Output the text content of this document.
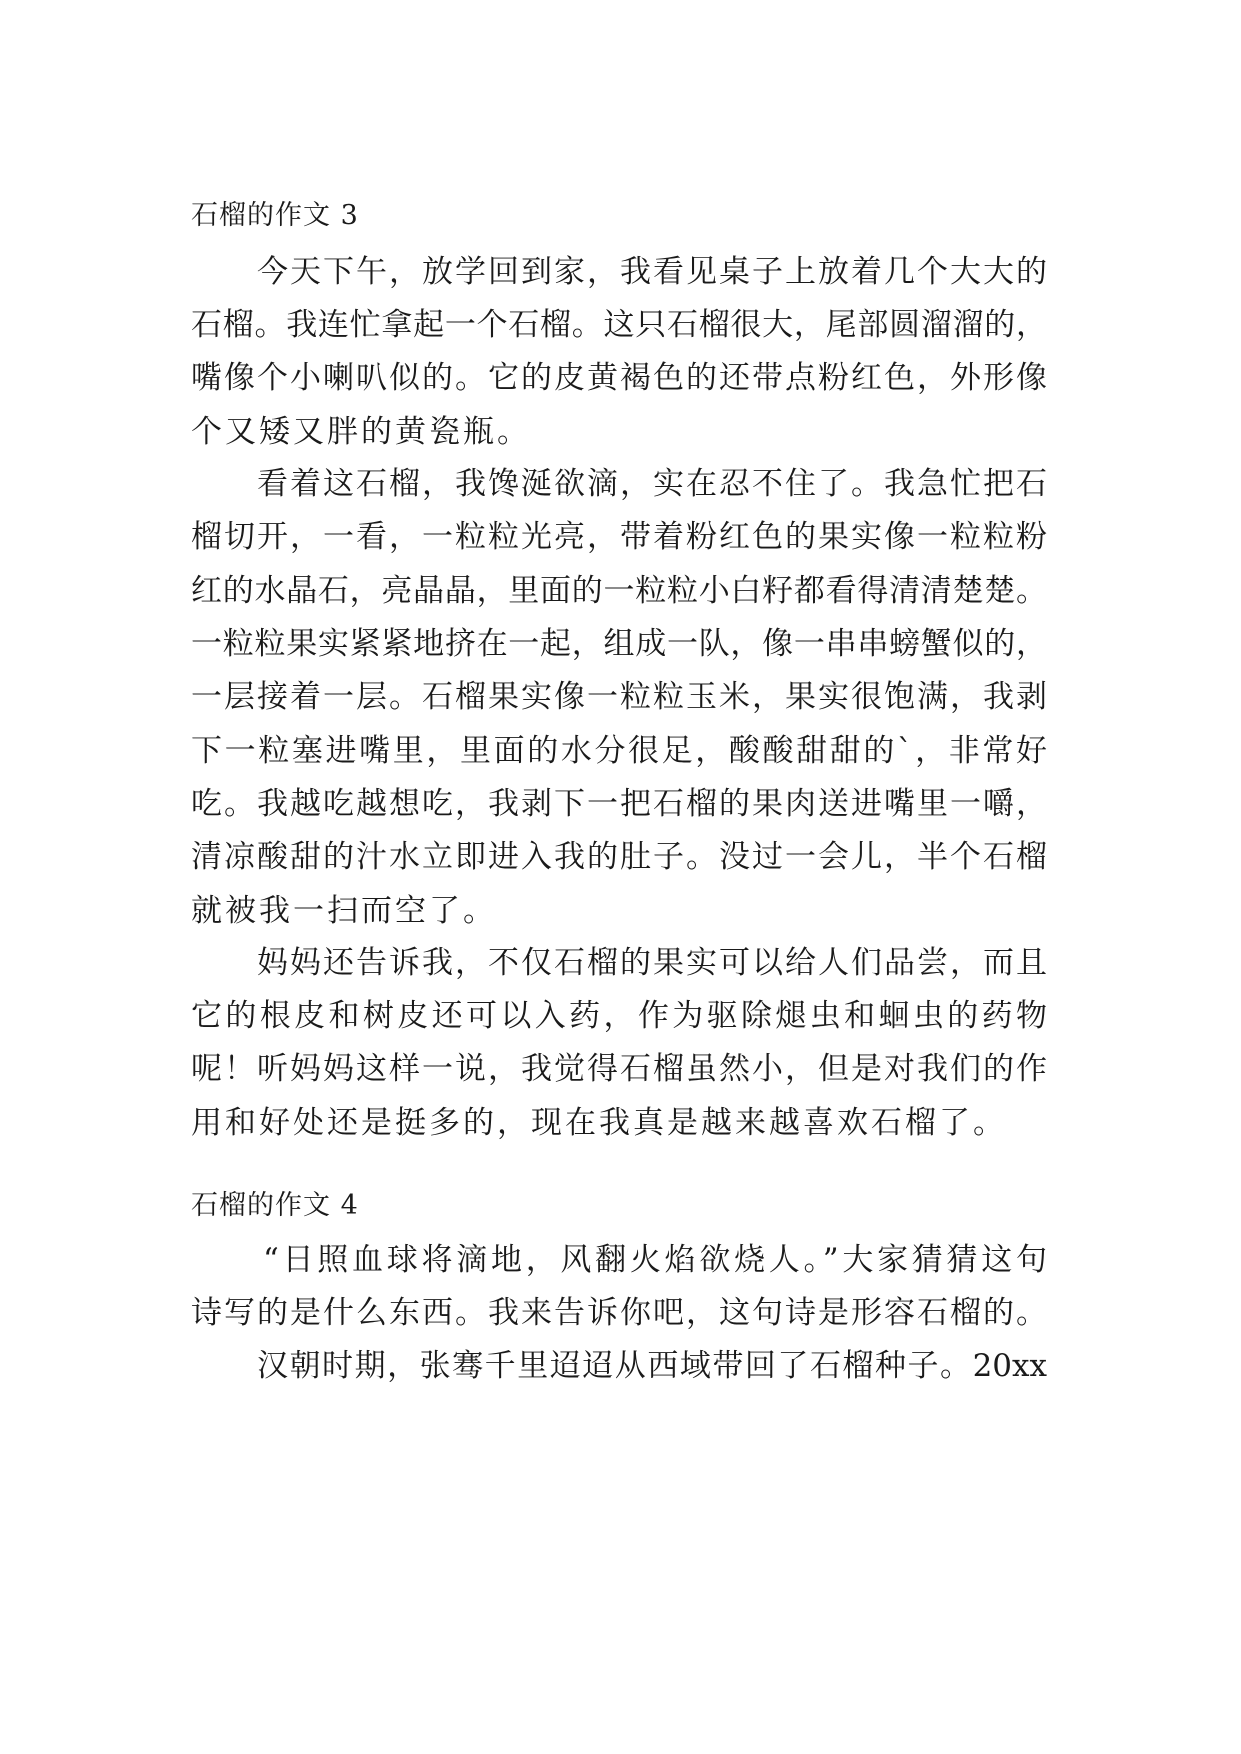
石榴的作文 3
今天下午，放学回到家，我看见桌子上放着几个大大的
石榴。我连忙拿起一个石榴。这只石榴很大，尾部圆溜溜的，
嘴像个小喇叭似的。它的皮黄褐色的还带点粉红色，外形像
个又矮又胖的黄瓷瓶。
看着这石榴，我馋涎欲滴，实在忍不住了。我急忙把石
榴切开，一看，一粒粒光亮，带着粉红色的果实像一粒粒粉
红的水晶石，亮晶晶，里面的一粒粒小白籽都看得清清楚楚。
一粒粒果实紧紧地挤在一起，组成一队，像一串串螃蟹似的，
一层接着一层。石榴果实像一粒粒玉米，果实很饱满，我剥
下一粒塞进嘴里，里面的水分很足，酸酸甜甜的`，非常好
吃。我越吃越想吃，我剥下一把石榴的果肉送进嘴里一嚼，
清凉酸甜的汁水立即进入我的肚子。没过一会儿，半个石榴
就被我一扫而空了。
妈妈还告诉我，不仅石榴的果实可以给人们品尝，而且
它的根皮和树皮还可以入药，作为驱除煺虫和蛔虫的药物
呢！听妈妈这样一说，我觉得石榴虽然小，但是对我们的作
用和好处还是挺多的，现在我真是越来越喜欢石榴了。
石榴的作文 4
“日照血球将滴地，风翻火焰欲烧人。”大家猜猜这句
诗写的是什么东西。我来告诉你吧，这句诗是形容石榴的。
汉朝时期，张骞千里迢迢从西域带回了石榴种子。20xx
